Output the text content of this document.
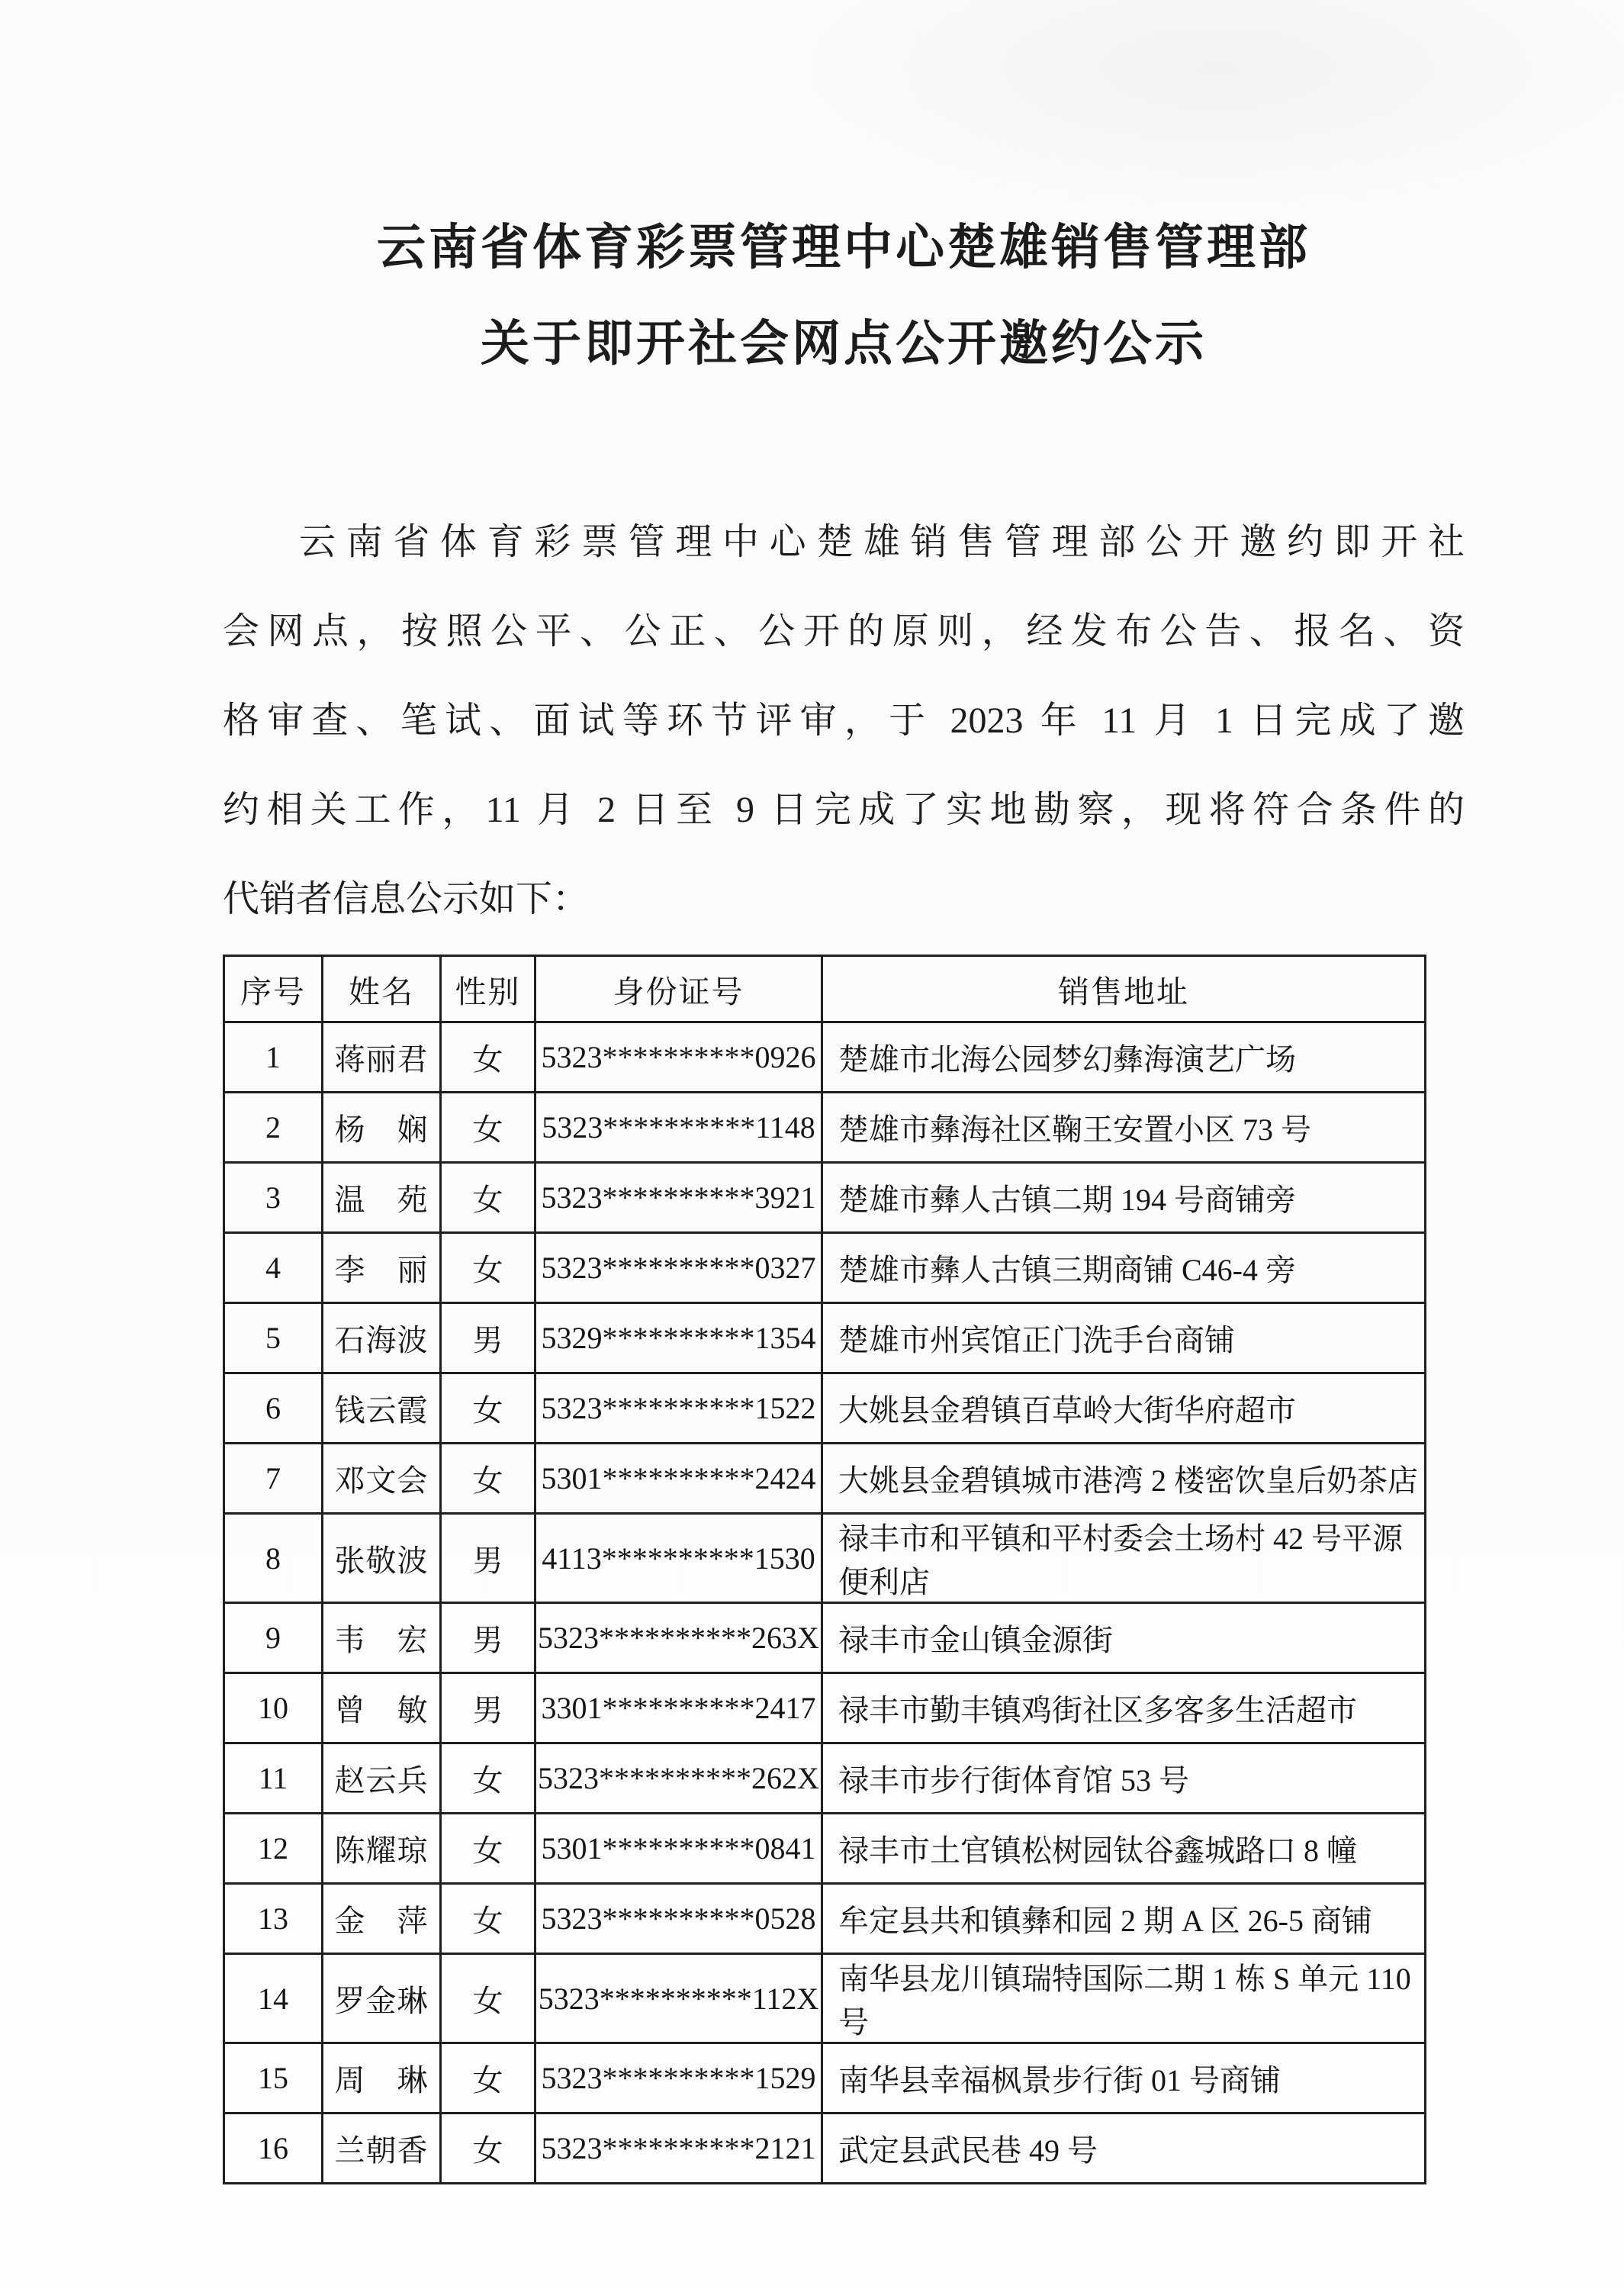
云南省体育彩票管理中心楚雄销售管理部
关于即开社会网点公开邀约公示
云南省体育彩票管理中心楚雄销售管理部公开邀约即开社
会网点，按照公平、公正、公开的原则，经发布公告、报名、资
格审查、笔试、面试等环节评审，于 2023 年 11 月 1 日完成了邀
约相关工作，11 月 2 日至 9 日完成了实地勘察，现将符合条件的
代销者信息公示如下：
序号	姓名	性别	身份证号	销售地址
1	蒋丽君	女	5323**********0926	楚雄市北海公园梦幻彝海演艺广场
2	杨　娴	女	5323**********1148	楚雄市彝海社区鞠王安置小区 73 号
3	温　苑	女	5323**********3921	楚雄市彝人古镇二期 194 号商铺旁
4	李　丽	女	5323**********0327	楚雄市彝人古镇三期商铺 C46-4 旁
5	石海波	男	5329**********1354	楚雄市州宾馆正门洗手台商铺
6	钱云霞	女	5323**********1522	大姚县金碧镇百草岭大街华府超市
7	邓文会	女	5301**********2424	大姚县金碧镇城市港湾 2 楼密饮皇后奶茶店
8	张敬波	男	4113**********1530	禄丰市和平镇和平村委会土场村 42 号平源便利店
9	韦　宏	男	5323**********263X	禄丰市金山镇金源街
10	曾　敏	男	3301**********2417	禄丰市勤丰镇鸡街社区多客多生活超市
11	赵云兵	女	5323**********262X	禄丰市步行街体育馆 53 号
12	陈耀琼	女	5301**********0841	禄丰市土官镇松树园钛谷鑫城路口 8 幢
13	金　萍	女	5323**********0528	牟定县共和镇彝和园 2 期 A 区 26-5 商铺
14	罗金琳	女	5323**********112X	南华县龙川镇瑞特国际二期 1 栋 S 单元 110 号
15	周　琳	女	5323**********1529	南华县幸福枫景步行街 01 号商铺
16	兰朝香	女	5323**********2121	武定县武民巷 49 号
